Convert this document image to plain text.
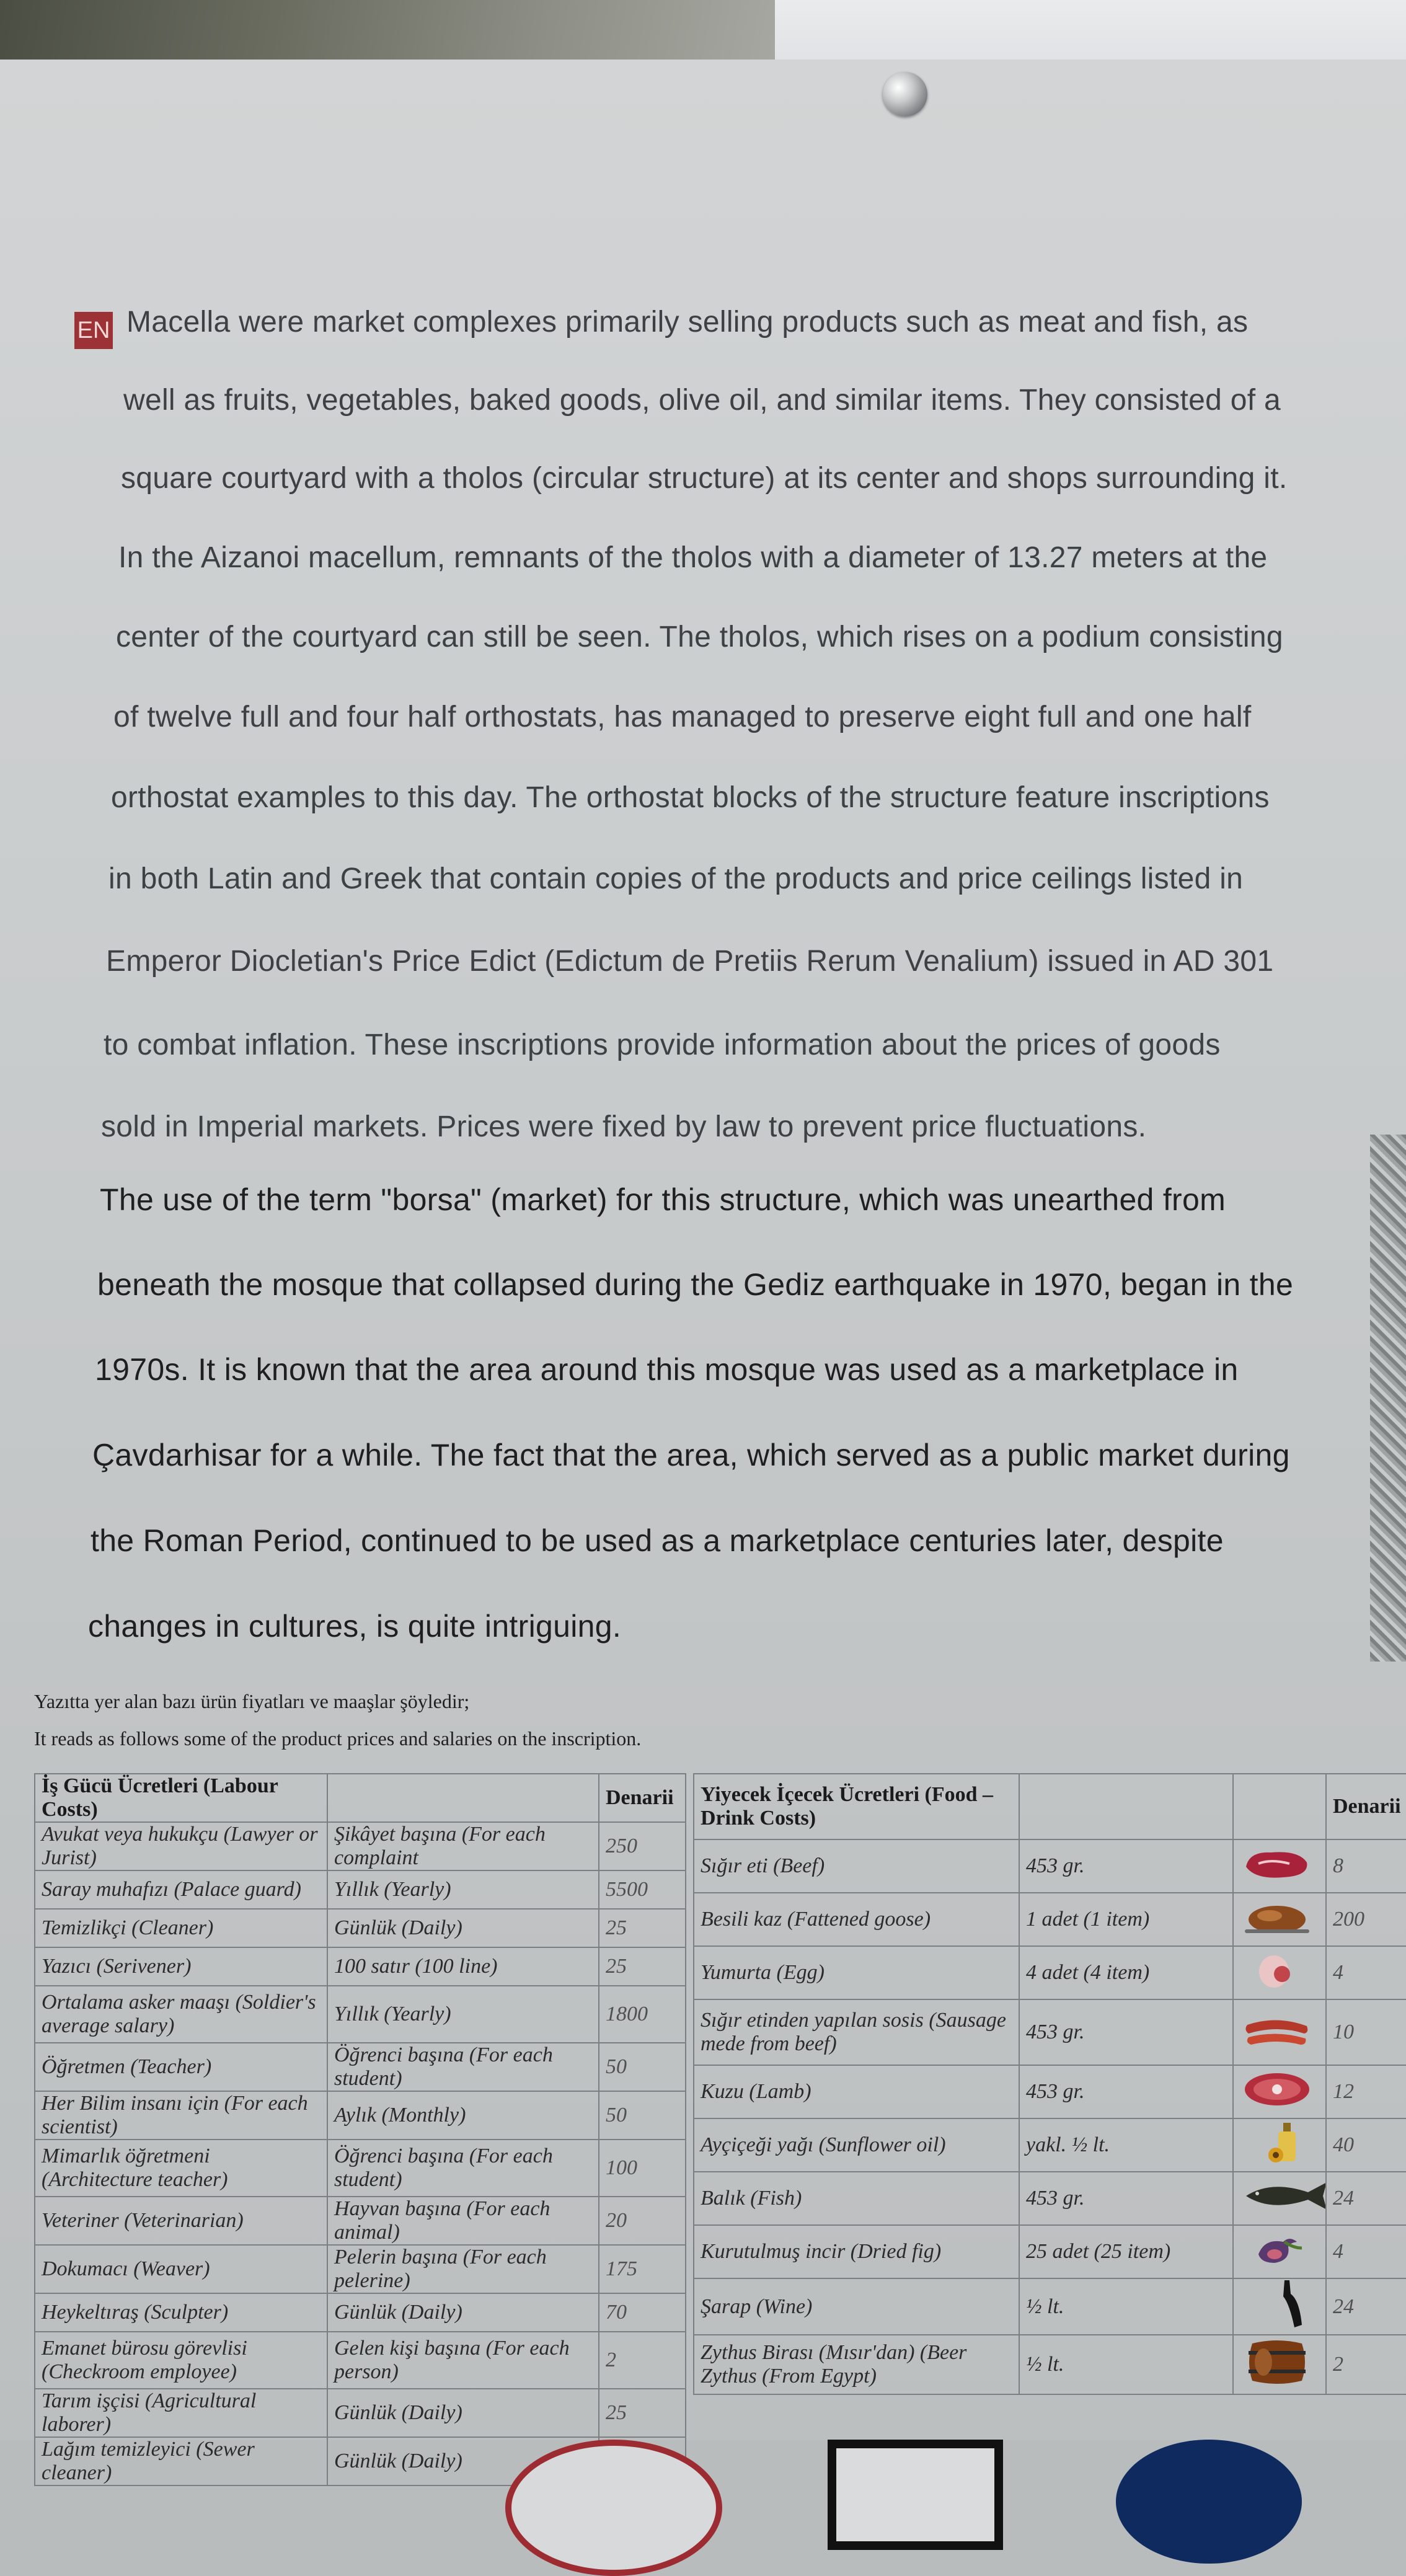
EN Macella were market complexes primarily selling products such as meat and fish, as
well as fruits, vegetables, baked goods, olive oil, and similar items. They consisted of a
square courtyard with a tholos (circular structure) at its center and shops surrounding it.
In the Aizanoi macellum, remnants of the tholos with a diameter of 13.27 meters at the
center of the courtyard can still be seen. The tholos, which rises on a podium consisting
of twelve full and four half orthostats, has managed to preserve eight full and one half
orthostat examples to this day. The orthostat blocks of the structure feature inscriptions
in both Latin and Greek that contain copies of the products and price ceilings listed in
Emperor Diocletian's Price Edict (Edictum de Pretiis Rerum Venalium) issued in AD 301
to combat inflation. These inscriptions provide information about the prices of goods
sold in Imperial markets. Prices were fixed by law to prevent price fluctuations.
The use of the term "borsa" (market) for this structure, which was unearthed from
beneath the mosque that collapsed during the Gediz earthquake in 1970, began in the
1970s. It is known that the area around this mosque was used as a marketplace in
Çavdarhisar for a while. The fact that the area, which served as a public market during
the Roman Period, continued to be used as a marketplace centuries later, despite
changes in cultures, is quite intriguing.
Yazıtta yer alan bazı ürün fiyatları ve maaşlar şöyledir;
It reads as follows some of the product prices and salaries on the inscription.
İş Gücü Ücretleri (Labour Costs)		Denarii
Avukat veya hukukçu (Lawyer or Jurist)	Şikâyet başına (For each complaint	250
Saray muhafızı (Palace guard)	Yıllık (Yearly)	5500
Temizlikçi (Cleaner)	Günlük (Daily)	25
Yazıcı (Serivener)	100 satır (100 line)	25
Ortalama asker maaşı (Soldier's average salary)	Yıllık (Yearly)	1800
Öğretmen (Teacher)	Öğrenci başına (For each student)	50
Her Bilim insanı için (For each scientist)	Aylık (Monthly)	50
Mimarlık öğretmeni (Architecture teacher)	Öğrenci başına (For each student)	100
Veteriner (Veterinarian)	Hayvan başına (For each animal)	20
Dokumacı (Weaver)	Pelerin başına (For each pelerine)	175
Heykeltıraş (Sculpter)	Günlük (Daily)	70
Emanet bürosu görevlisi (Checkroom employee)	Gelen kişi başına (For each person)	2
Tarım işçisi (Agricultural laborer)	Günlük (Daily)	25
Lağım temizleyici (Sewer cleaner)	Günlük (Daily)	
Yiyecek İçecek Ücretleri (Food – Drink Costs)			Denarii
Sığır eti (Beef)	453 gr.		8
Besili kaz (Fattened goose)	1 adet (1 item)		200
Yumurta (Egg)	4 adet (4 item)		4
Sığır etinden yapılan sosis (Sausage mede from beef)	453 gr.		10
Kuzu (Lamb)	453 gr.		12
Ayçiçeği yağı (Sunflower oil)	yakl. ½ lt.		40
Balık (Fish)	453 gr.		24
Kurutulmuş incir (Dried fig)	25 adet (25 item)		4
Şarap (Wine)	½ lt.		24
Zythus Birası (Mısır'dan) (Beer Zythus (From Egypt)	½ lt.		2
